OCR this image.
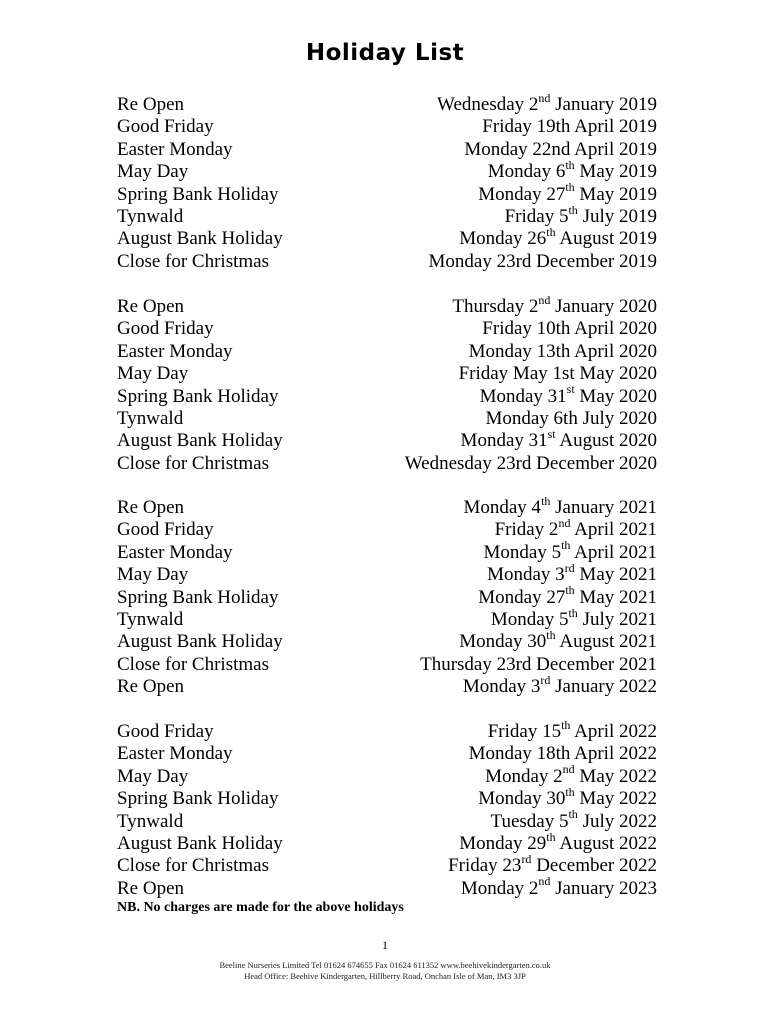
Holiday List
Re Open	Wednesday 2nd January 2019
Good Friday	Friday 19th April 2019
Easter Monday	Monday 22nd April 2019
May Day	Monday 6th May 2019
Spring Bank Holiday	Monday 27th May 2019
Tynwald	Friday 5th July 2019
August Bank Holiday	Monday 26th August 2019
Close for Christmas	Monday 23rd December 2019
Re Open	Thursday 2nd January 2020
Good Friday	Friday 10th April 2020
Easter Monday	Monday 13th April 2020
May Day	Friday May 1st May 2020
Spring Bank Holiday	Monday 31st May 2020
Tynwald	Monday 6th July 2020
August Bank Holiday	Monday 31st August 2020
Close for Christmas	Wednesday 23rd December 2020
Re Open	Monday 4th January 2021
Good Friday	Friday 2nd April 2021
Easter Monday	Monday 5th April 2021
May Day	Monday 3rd May 2021
Spring Bank Holiday	Monday 27th May 2021
Tynwald	Monday 5th July 2021
August Bank Holiday	Monday 30th August 2021
Close for Christmas	Thursday 23rd December 2021
Re Open	Monday 3rd January 2022
Good Friday	Friday 15th April 2022
Easter Monday	Monday 18th April 2022
May Day	Monday 2nd May 2022
Spring Bank Holiday	Monday 30th May 2022
Tynwald	Tuesday 5th July 2022
August Bank Holiday	Monday 29th August 2022
Close for Christmas	Friday 23rd December 2022
Re Open	Monday 2nd January 2023
NB. No charges are made for the above holidays
1
Beeline Nurseries Limited Tel 01624 674655 Fax 01624 611352 www.beehivekindergarten.co.uk
Head Office: Beehive Kindergarten, Hillberry Road, Onchan Isle of Man, IM3 3JP
